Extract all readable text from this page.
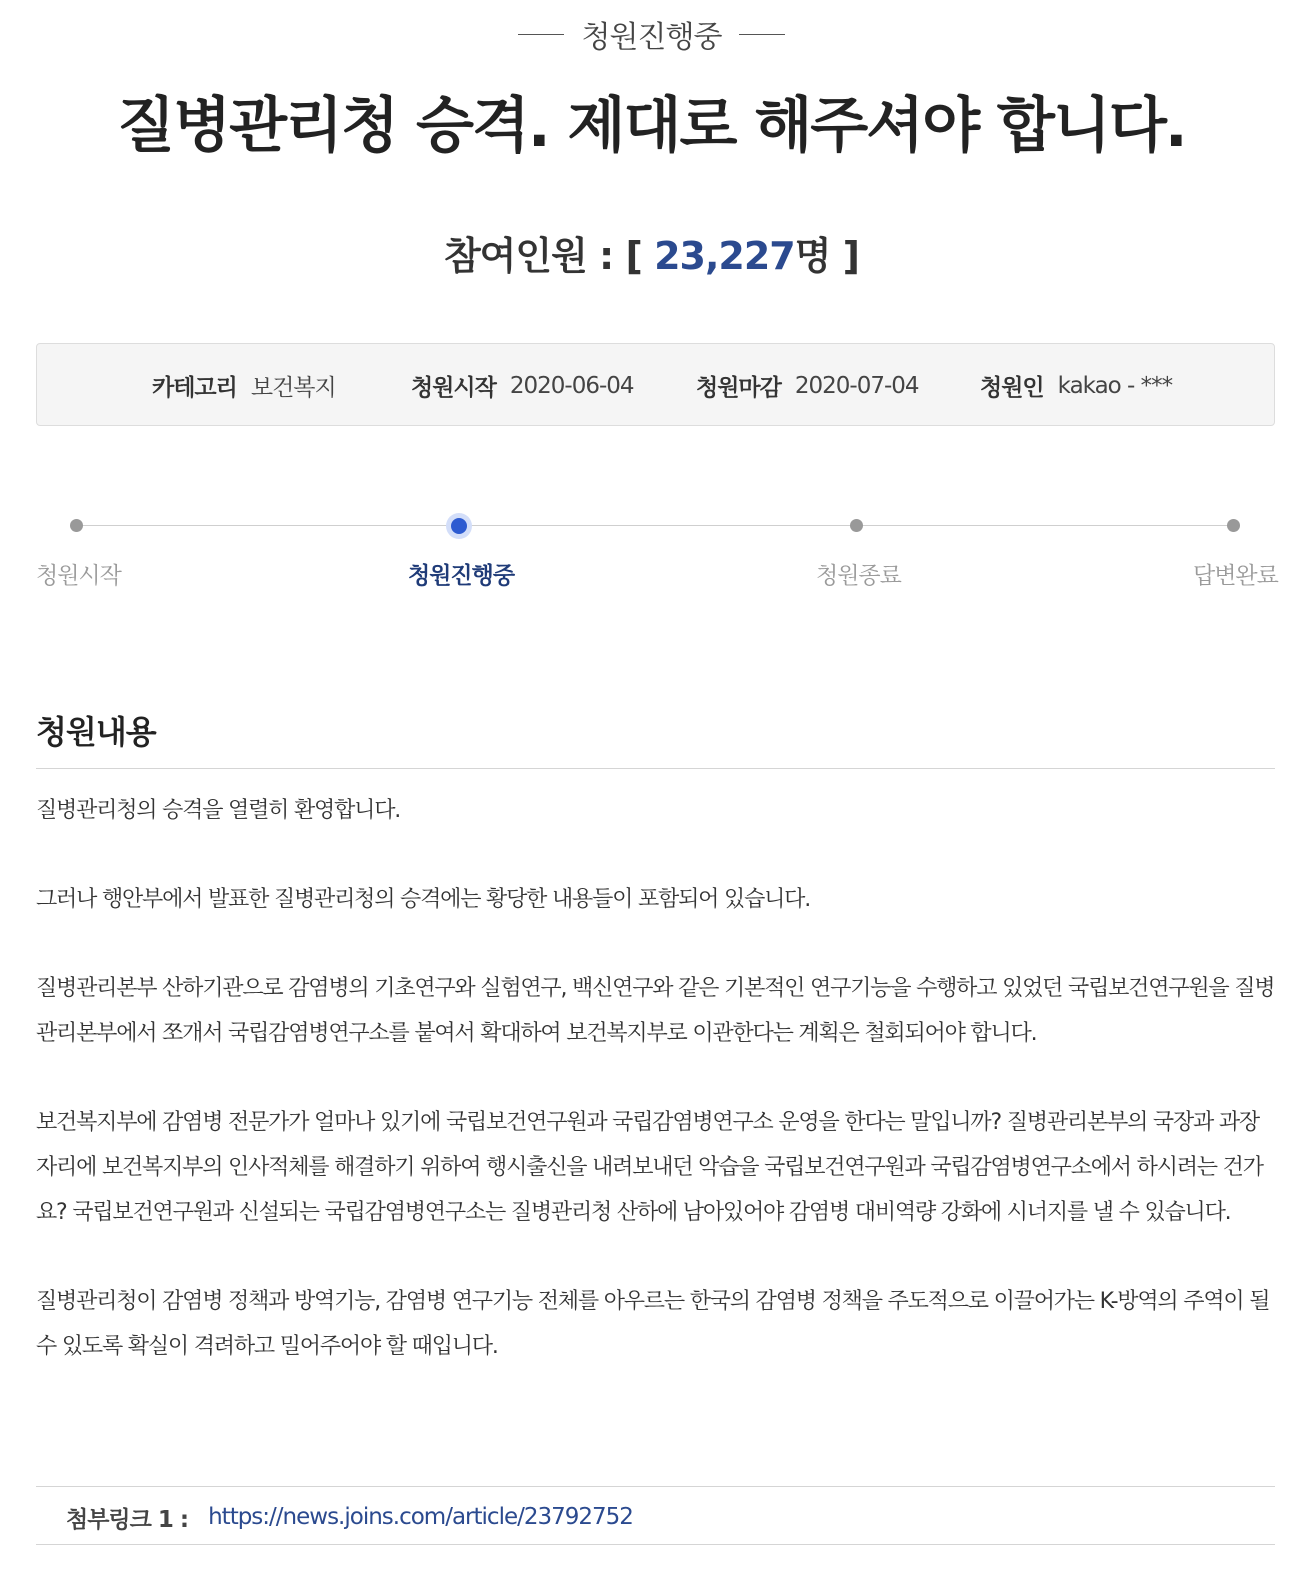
청원진행중
질병관리청 승격. 제대로 해주셔야 합니다.
참여인원 : [ 23,227명 ]
카테고리 보건복지	청원시작 2020-06-04	청원마감 2020-07-04	청원인 kakao - ***
청원시작	청원진행중	청원종료	답변완료
청원내용

질병관리청의 승격을 열렬히 환영합니다.

그러나 행안부에서 발표한 질병관리청의 승격에는 황당한 내용들이 포함되어 있습니다.

질병관리본부 산하기관으로 감염병의 기초연구와 실험연구, 백신연구와 같은 기본적인 연구기능을 수행하고 있었던 국립보건연구원을 질병관리본부에서 쪼개서 국립감염병연구소를 붙여서 확대하여 보건복지부로 이관한다는 계획은 철회되어야 합니다.

보건복지부에 감염병 전문가가 얼마나 있기에 국립보건연구원과 국립감염병연구소 운영을 한다는 말입니까? 질병관리본부의 국장과 과장자리에 보건복지부의 인사적체를 해결하기 위하여 행시출신을 내려보내던 악습을 국립보건연구원과 국립감염병연구소에서 하시려는 건가요? 국립보건연구원과 신설되는 국립감염병연구소는 질병관리청 산하에 남아있어야 감염병 대비역량 강화에 시너지를 낼 수 있습니다.

질병관리청이 감염병 정책과 방역기능, 감염병 연구기능 전체를 아우르는 한국의 감염병 정책을 주도적으로 이끌어가는 K-방역의 주역이 될 수 있도록 확실이 격려하고 밀어주어야 할 때입니다.

첨부링크 1 : https://news.joins.com/article/23792752
